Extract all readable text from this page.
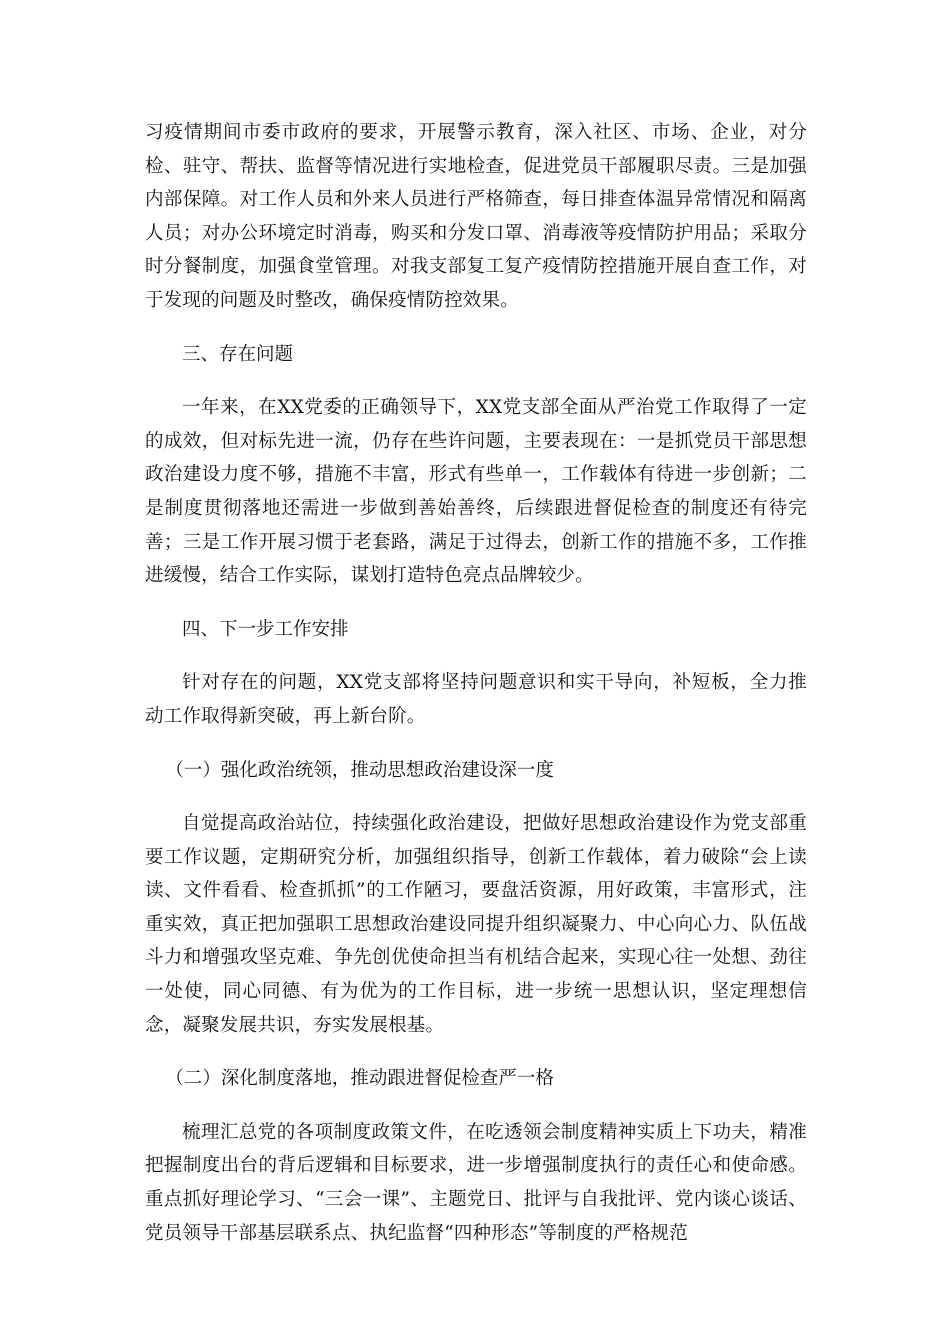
习疫情期间市委市政府的要求，开展警示教育，深入社区、市场、企业，对分检、驻守、帮扶、监督等情况进行实地检查，促进党员干部履职尽责。三是加强内部保障。对工作人员和外来人员进行严格筛查，每日排查体温异常情况和隔离人员；对办公环境定时消毒，购买和分发口罩、消毒液等疫情防护用品；采取分时分餐制度，加强食堂管理。对我支部复工复产疫情防控措施开展自查工作，对于发现的问题及时整改，确保疫情防控效果。

三、存在问题

一年来，在XX党委的正确领导下，XX党支部全面从严治党工作取得了一定的成效，但对标先进一流，仍存在些许问题，主要表现在：一是抓党员干部思想政治建设力度不够，措施不丰富，形式有些单一，工作载体有待进一步创新；二是制度贯彻落地还需进一步做到善始善终，后续跟进督促检查的制度还有待完善；三是工作开展习惯于老套路，满足于过得去，创新工作的措施不多，工作推进缓慢，结合工作实际，谋划打造特色亮点品牌较少。

四、下一步工作安排

针对存在的问题，XX党支部将坚持问题意识和实干导向，补短板，全力推动工作取得新突破，再上新台阶。

（一）强化政治统领，推动思想政治建设深一度

自觉提高政治站位，持续强化政治建设，把做好思想政治建设作为党支部重要工作议题，定期研究分析，加强组织指导，创新工作载体，着力破除“会上读读、文件看看、检查抓抓”的工作陋习，要盘活资源，用好政策，丰富形式，注重实效，真正把加强职工思想政治建设同提升组织凝聚力、中心向心力、队伍战斗力和增强攻坚克难、争先创优使命担当有机结合起来，实现心往一处想、劲往一处使，同心同德、有为优为的工作目标，进一步统一思想认识，坚定理想信念，凝聚发展共识，夯实发展根基。

（二）深化制度落地，推动跟进督促检查严一格

梳理汇总党的各项制度政策文件，在吃透领会制度精神实质上下功夫，精准把握制度出台的背后逻辑和目标要求，进一步增强制度执行的责任心和使命感。重点抓好理论学习、“三会一课”、主题党日、批评与自我批评、党内谈心谈话、党员领导干部基层联系点、执纪监督“四种形态”等制度的严格规范
